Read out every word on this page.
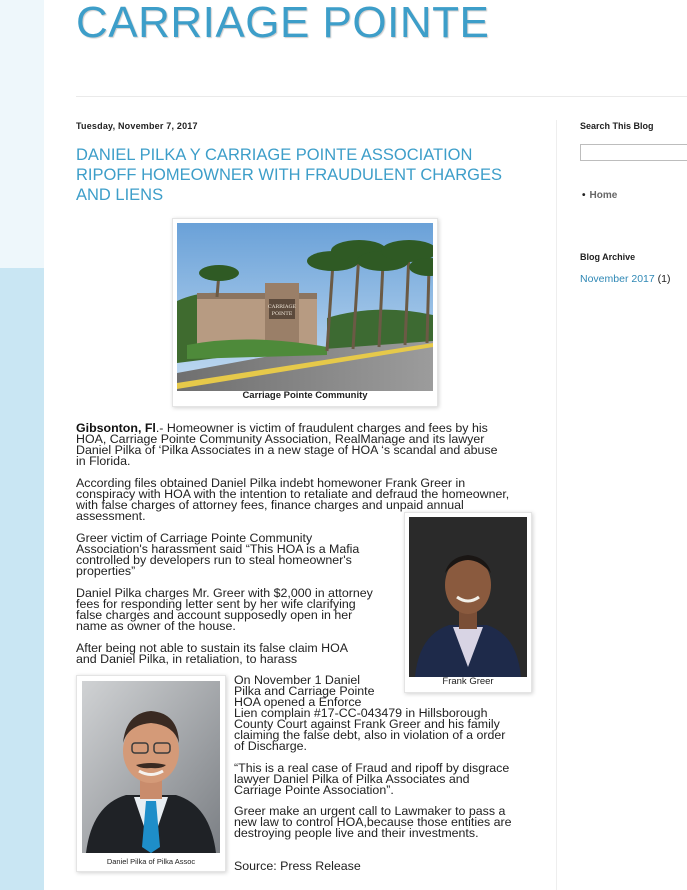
CARRIAGE POINTE
Tuesday, November 7, 2017
DANIEL PILKA Y CARRIAGE POINTE ASSOCIATION RIPOFF HOMEOWNER WITH FRAUDULENT CHARGES AND LIENS
CARRIAGE
POINTE
Carriage Pointe Community
Gibsonton, Fl.- Homeowner is victim of fraudulent charges and fees by his
HOA, Carriage Pointe Community Association, RealManage and its lawyer
Daniel Pilka of ‘Pilka Associates in a new stage of HOA ‘s scandal and abuse
in Florida.
According files obtained Daniel Pilka indebt homewoner Frank Greer in
conspiracy with HOA with the intention to retaliate and defraud the homeowner,
with false charges of attorney fees, finance charges and unpaid annual
assessment.
Frank Greer
Greer victim of Carriage Pointe Community
Association's harassment said “This HOA is a Mafia
controlled by developers run to steal homeowner's
properties”
Daniel Pilka charges Mr. Greer with $2,000 in attorney
fees for responding letter sent by her wife clarifying
false charges and account supposedly open in her
name as owner of the house.
After being not able to sustain its false claim HOA
and Daniel Pilka, in retaliation, to harass
Daniel Pilka of Pilka Assoc
On November 1 Daniel
Pilka and Carriage Pointe
HOA opened a Enforce
Lien complain #17-CC-043479 in Hillsborough
County Court against Frank Greer and his family
claiming the false debt, also in violation of a order
of Discharge.
“This is a real case of Fraud and ripoff by disgrace
lawyer Daniel Pilka of Pilka Associates and
Carriage Pointe Association”.
Greer make an urgent call to Lawmaker to pass a
new law to control HOA,because those entities are
destroying people live and their investments.
Source: Press Release
Search This Blog
• Home
Blog Archive
November 2017 (1)
